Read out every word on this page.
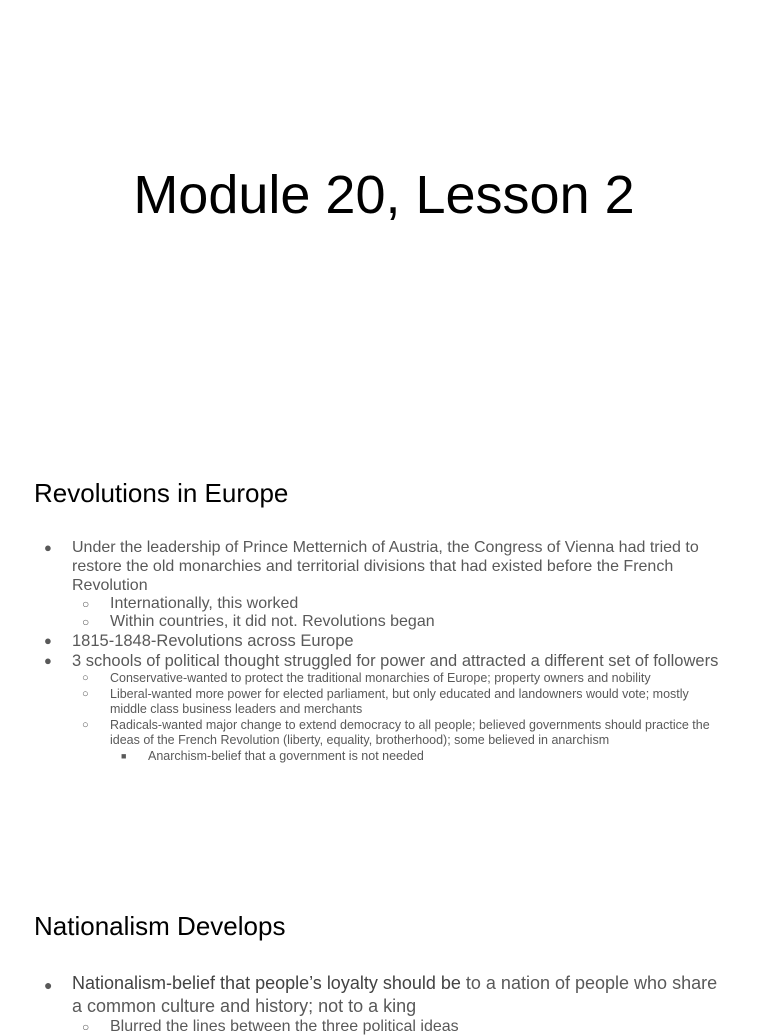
Module 20, Lesson 2
Revolutions in Europe
● Under the leadership of Prince Metternich of Austria, the Congress of Vienna had tried to restore the old monarchies and territorial divisions that had existed before the French Revolution
○ Internationally, this worked
○ Within countries, it did not. Revolutions began
● 1815-1848-Revolutions across Europe
● 3 schools of political thought struggled for power and attracted a different set of followers
○ Conservative-wanted to protect the traditional monarchies of Europe; property owners and nobility
○ Liberal-wanted more power for elected parliament, but only educated and landowners would vote; mostly middle class business leaders and merchants
○ Radicals-wanted major change to extend democracy to all people; believed governments should practice the ideas of the French Revolution (liberty, equality, brotherhood); some believed in anarchism
■ Anarchism-belief that a government is not needed
Nationalism Develops
● Nationalism-belief that people’s loyalty should be to a nation of people who share a common culture and history; not to a king
○ Blurred the lines between the three political ideas
